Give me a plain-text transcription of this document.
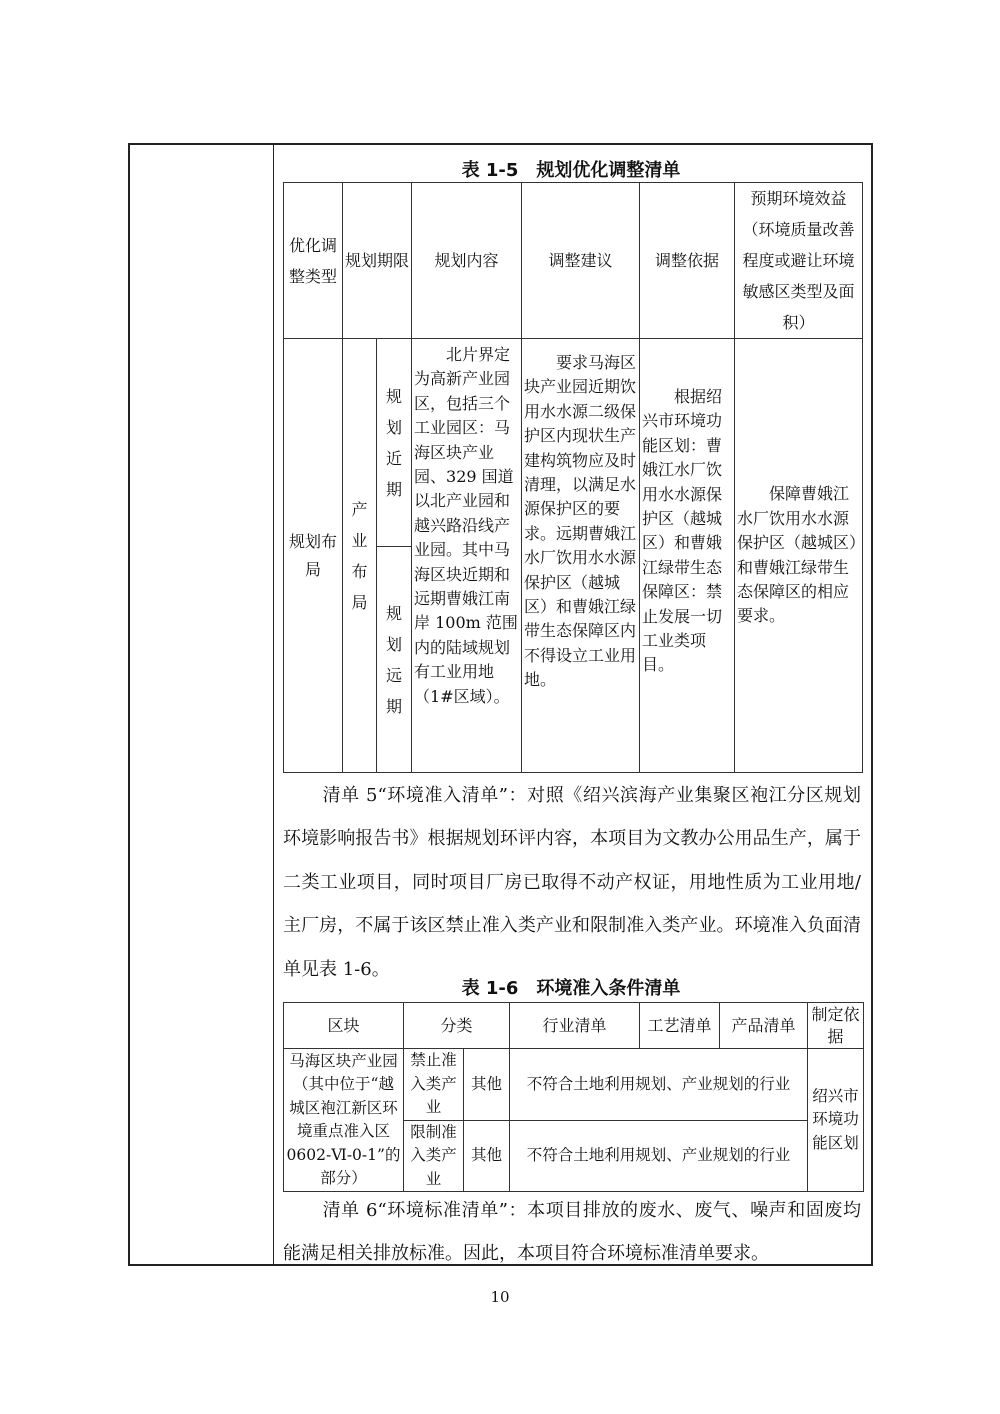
表 1-5　规划优化调整清单
优化调整类型	规划期限		规划内容	调整建议	调整依据	预期环境效益（环境质量改善程度或避让环境敏感区类型及面积）
规划布局	产业布局	规划近期	北片界定为高新产业园区，包括三个工业园区：马海区块产业园、329 国道以北产业园和越兴路沿线产业园。其中马海区块近期和远期曹娥江南岸 100m 范围内的陆域规划有工业用地（1#区域）。	要求马海区块产业园近期饮用水水源二级保护区内现状生产建构筑物应及时清理，以满足水源保护区的要求。远期曹娥江水厂饮用水水源保护区（越城区）和曹娥江绿带生态保障区内不得设立工业用地。	根据绍兴市环境功能区划：曹娥江水厂饮用水水源保护区（越城区）和曹娥江绿带生态保障区：禁止发展一切工业类项目。	保障曹娥江水厂饮用水水源保护区（越城区）和曹娥江绿带生态保障区的相应要求。
		规划远期				

清单 5“环境准入清单”：对照《绍兴滨海产业集聚区袍江分区规划环境影响报告书》根据规划环评内容，本项目为文教办公用品生产，属于二类工业项目，同时项目厂房已取得不动产权证，用地性质为工业用地/主厂房，不属于该区禁止准入类产业和限制准入类产业。环境准入负面清单见表 1-6。

表 1-6　环境准入条件清单
区块	分类		行业清单	工艺清单	产品清单	制定依据
马海区块产业园（其中位于“越城区袍江新区环境重点准入区 0602-Ⅵ-0-1”的部分）	禁止准入类产业	其他	不符合土地利用规划、产业规划的行业			绍兴市环境功能区划
	限制准入类产业	其他	不符合土地利用规划、产业规划的行业			

清单 6“环境标准清单”：本项目排放的废水、废气、噪声和固废均能满足相关排放标准。因此，本项目符合环境标准清单要求。

10
